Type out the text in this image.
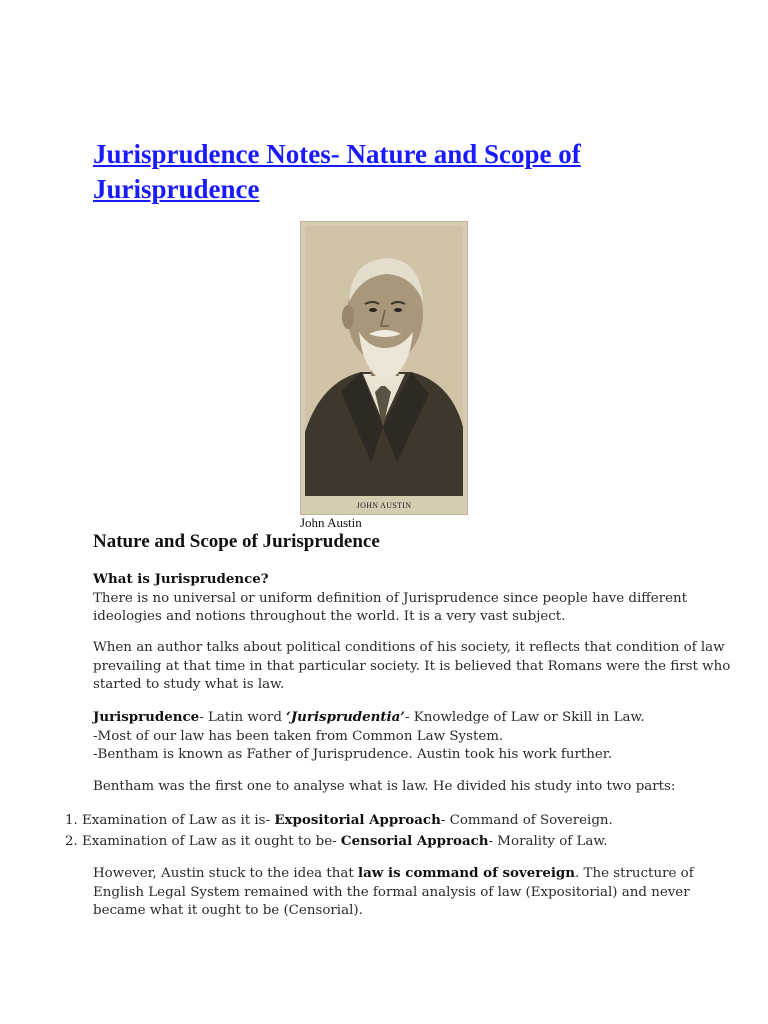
Jurisprudence Notes- Nature and Scope of Jurisprudence
JOHN AUSTIN
John Austin
Nature and Scope of Jurisprudence

What is Jurisprudence?
There is no universal or uniform definition of Jurisprudence since people have different ideologies and notions throughout the world. It is a very vast subject.

When an author talks about political conditions of his society, it reflects that condition of law prevailing at that time in that particular society. It is believed that Romans were the first who started to study what is law.

Jurisprudence- Latin word ‘Jurisprudentia’- Knowledge of Law or Skill in Law.
-Most of our law has been taken from Common Law System.
-Bentham is known as Father of Jurisprudence. Austin took his work further.

Bentham was the first one to analyse what is law. He divided his study into two parts:

1. Examination of Law as it is- Expositorial Approach- Command of Sovereign.
2. Examination of Law as it ought to be- Censorial Approach- Morality of Law.

However, Austin stuck to the idea that law is command of sovereign. The structure of English Legal System remained with the formal analysis of law (Expositorial) and never became what it ought to be (Censorial).
